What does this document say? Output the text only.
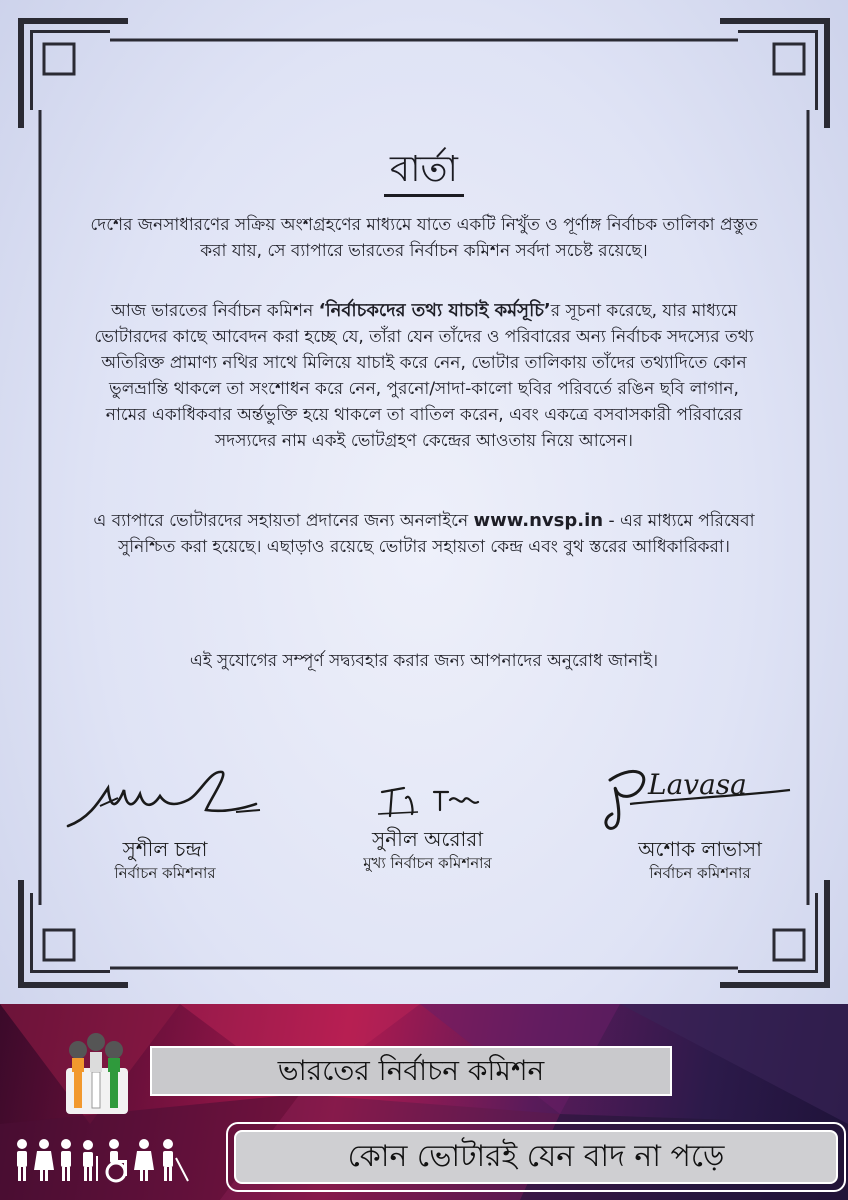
বার্তা

দেশের জনসাধারণের সক্রিয় অংশগ্রহণের মাধ্যমে যাতে একটি নিখুঁত ও পূর্ণাঙ্গ নির্বাচক তালিকা প্রস্তুত করা যায়, সে ব্যাপারে ভারতের নির্বাচন কমিশন সর্বদা সচেষ্ট রয়েছে।

আজ ভারতের নির্বাচন কমিশন ‘নির্বাচকদের তথ্য যাচাই কর্মসূচি’র সূচনা করেছে, যার মাধ্যমে ভোটারদের কাছে আবেদন করা হচ্ছে যে, তাঁরা যেন তাঁদের ও পরিবারের অন্য নির্বাচক সদস্যের তথ্য অতিরিক্ত প্রামাণ্য নথির সাথে মিলিয়ে যাচাই করে নেন, ভোটার তালিকায় তাঁদের তথ্যাদিতে কোন ভুলভ্রান্তি থাকলে তা সংশোধন করে নেন, পুরনো/সাদা-কালো ছবির পরিবর্তে রঙিন ছবি লাগান, নামের একাধিকবার অর্ন্তভুক্তি হয়ে থাকলে তা বাতিল করেন, এবং একত্রে বসবাসকারী পরিবারের সদস্যদের নাম একই ভোটগ্রহণ কেন্দ্রের আওতায় নিয়ে আসেন।

এ ব্যাপারে ভোটারদের সহায়তা প্রদানের জন্য অনলাইনে www.nvsp.in - এর মাধ্যমে পরিষেবা সুনিশ্চিত করা হয়েছে। এছাড়াও রয়েছে ভোটার সহায়তা কেন্দ্র এবং বুথ স্তরের আধিকারিকরা।

এই সুযোগের সম্পূর্ণ সদ্ব্যবহার করার জন্য আপনাদের অনুরোধ জানাই।

সুশীল চন্দ্রা
নির্বাচন কমিশনার
সুনীল অরোরা
মুখ্য নির্বাচন কমিশনার
Lavasa
অশোক লাভাসা
নির্বাচন কমিশনার
ভারতের নির্বাচন কমিশন
কোন ভোটারই যেন বাদ না পড়ে
